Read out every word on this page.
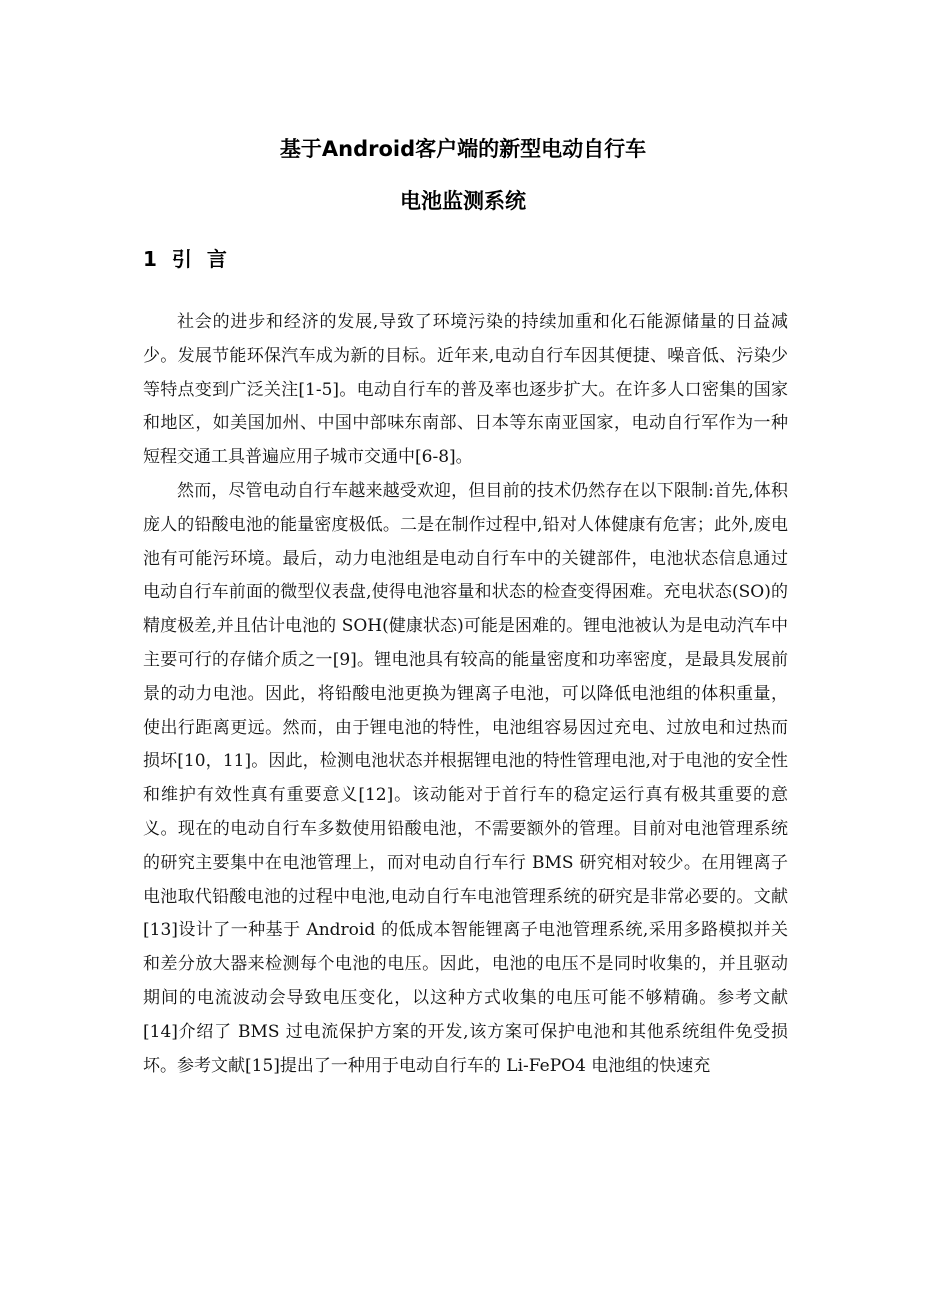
基于Android客户端的新型电动自行车
电池监测系统
1 引 言

社会的进步和经济的发展,导致了环境污染的持续加重和化石能源储量的日益减少。发展节能环保汽车成为新的目标。近年来,电动自行车因其便捷、噪音低、污染少等特点变到广泛关注[1-5]。电动自行车的普及率也逐步扩大。在许多人口密集的国家和地区，如美国加州、中国中部味东南部、日本等东南亚国家，电动自行军作为一种短程交通工具普遍应用子城市交通中[6-8]。

然而，尽管电动自行车越来越受欢迎，但目前的技术仍然存在以下限制:首先,体积庞人的铅酸电池的能量密度极低。二是在制作过程中,铅对人体健康有危害；此外,废电池有可能污环境。最后，动力电池组是电动自行车中的关键部件，电池状态信息通过电动自行车前面的微型仪表盘,使得电池容量和状态的检查变得困难。充电状态(SO)的精度极差,并且估计电池的 SOH(健康状态)可能是困难的。锂电池被认为是电动汽车中主要可行的存储介质之一[9]。锂电池具有较高的能量密度和功率密度，是最具发展前景的动力电池。因此，将铅酸电池更换为锂离子电池，可以降低电池组的体积重量，使出行距离更远。然而，由于锂电池的特性，电池组容易因过充电、过放电和过热而损坏[10，11]。因此，检测电池状态并根据锂电池的特性管理电池,对于电池的安全性和维护有效性真有重要意义[12]。该动能对于首行车的稳定运行真有极其重要的意义。现在的电动自行车多数使用铅酸电池，不需要额外的管理。目前对电池管理系统的研究主要集中在电池管理上，而对电动自行车行 BMS 研究相对较少。在用锂离子电池取代铅酸电池的过程中电池,电动自行车电池管理系统的研究是非常必要的。文献[13]设计了一种基于 Android 的低成本智能锂离子电池管理系统,采用多路模拟并关和差分放大器来检测每个电池的电压。因此，电池的电压不是同时收集的，并且驱动期间的电流波动会导致电压变化，以这种方式收集的电压可能不够精确。参考文献[14]介绍了 BMS 过电流保护方案的开发,该方案可保护电池和其他系统组件免受损坏。参考文献[15]提出了一种用于电动自行车的 Li-FePO4 电池组的快速充
